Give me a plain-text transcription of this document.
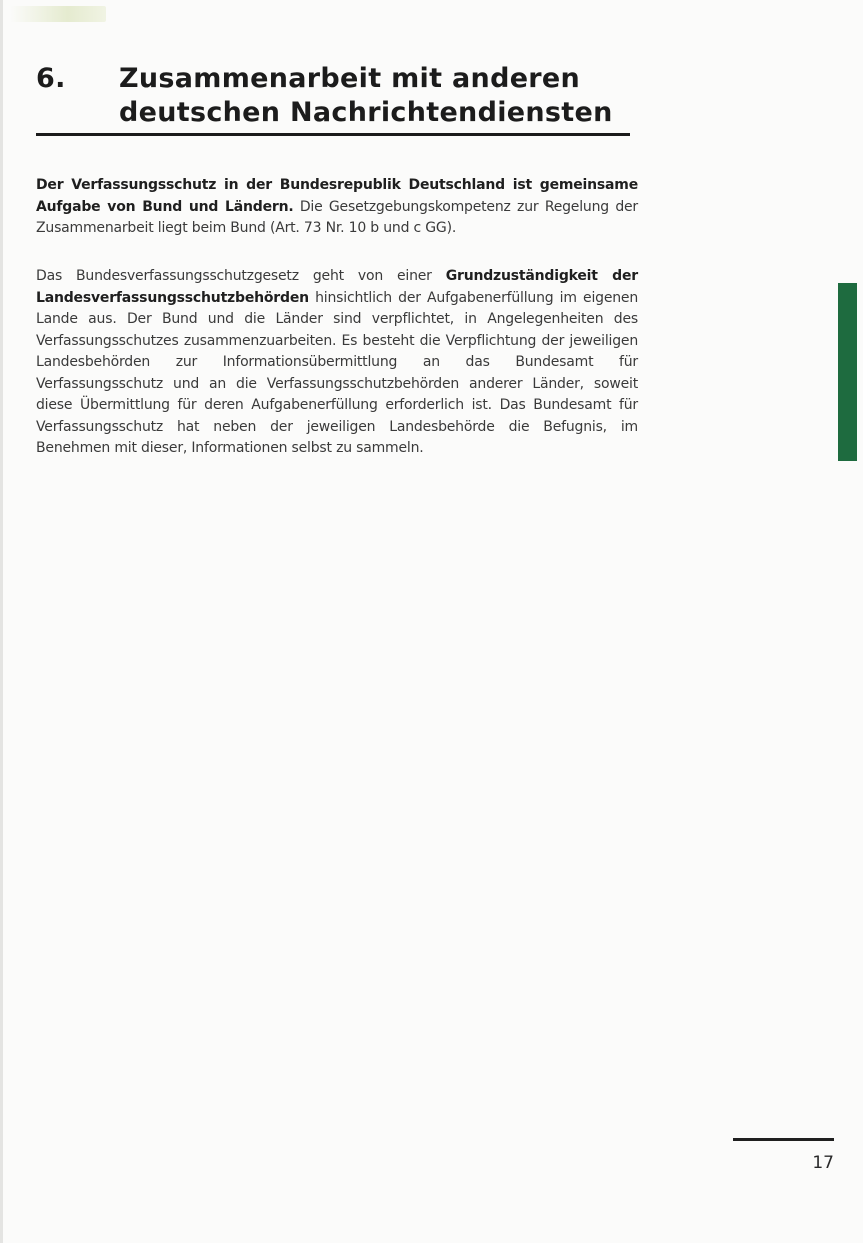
6. Zusammenarbeit mit anderen deutschen Nachrichtendiensten

Der Verfassungsschutz in der Bundesrepublik Deutschland ist gemeinsame Aufgabe von Bund und Ländern. Die Gesetzgebungskompetenz zur Regelung der Zusammenarbeit liegt beim Bund (Art. 73 Nr. 10 b und c GG).

Das Bundesverfassungsschutzgesetz geht von einer Grundzuständigkeit der Landesverfassungsschutzbehörden hinsichtlich der Aufgabenerfüllung im eigenen Lande aus. Der Bund und die Länder sind verpflichtet, in Angelegenheiten des Verfassungsschutzes zusammenzuarbeiten. Es besteht die Verpflichtung der jeweiligen Landesbehörden zur Informationsübermittlung an das Bundesamt für Verfassungsschutz und an die Verfassungsschutzbehörden anderer Länder, soweit diese Übermittlung für deren Aufgabenerfüllung erforderlich ist. Das Bundesamt für Verfassungsschutz hat neben der jeweiligen Landesbehörde die Befugnis, im Benehmen mit dieser, Informationen selbst zu sammeln.

17
